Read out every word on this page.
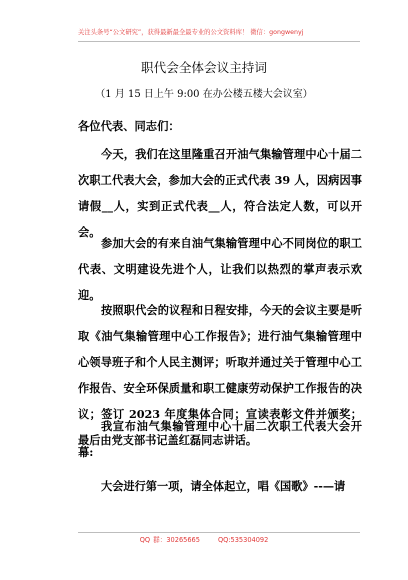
关注头条号“公文研究”，获得最新最全最专业的公文资料库！ 微信：gongwenyj
职代会全体会议主持词
（1 月 15 日上午 9:00 在办公楼五楼大会议室）
各位代表、同志们：

今天，我们在这里隆重召开油气集输管理中心十届二次职工代表大会，参加大会的正式代表 39 人，因病因事请假__人，实到正式代表__人，符合法定人数，可以开会。

参加大会的有来自油气集输管理中心不同岗位的职工代表、文明建设先进个人，让我们以热烈的掌声表示欢迎。

按照职代会的议程和日程安排，今天的会议主要是听取《油气集输管理中心工作报告》；进行油气集输管理中心领导班子和个人民主测评；听取并通过关于管理中心工作报告、安全环保质量和职工健康劳动保护工作报告的决议；签订 2023 年度集体合同；宣读表彰文件并颁奖；最后由党支部书记盖红磊同志讲话。

我宣布油气集输管理中心十届二次职工代表大会开幕:

大会进行第一项，请全体起立，唱《国歌》--—请

QQ 群：30265665	QQ:535304092
